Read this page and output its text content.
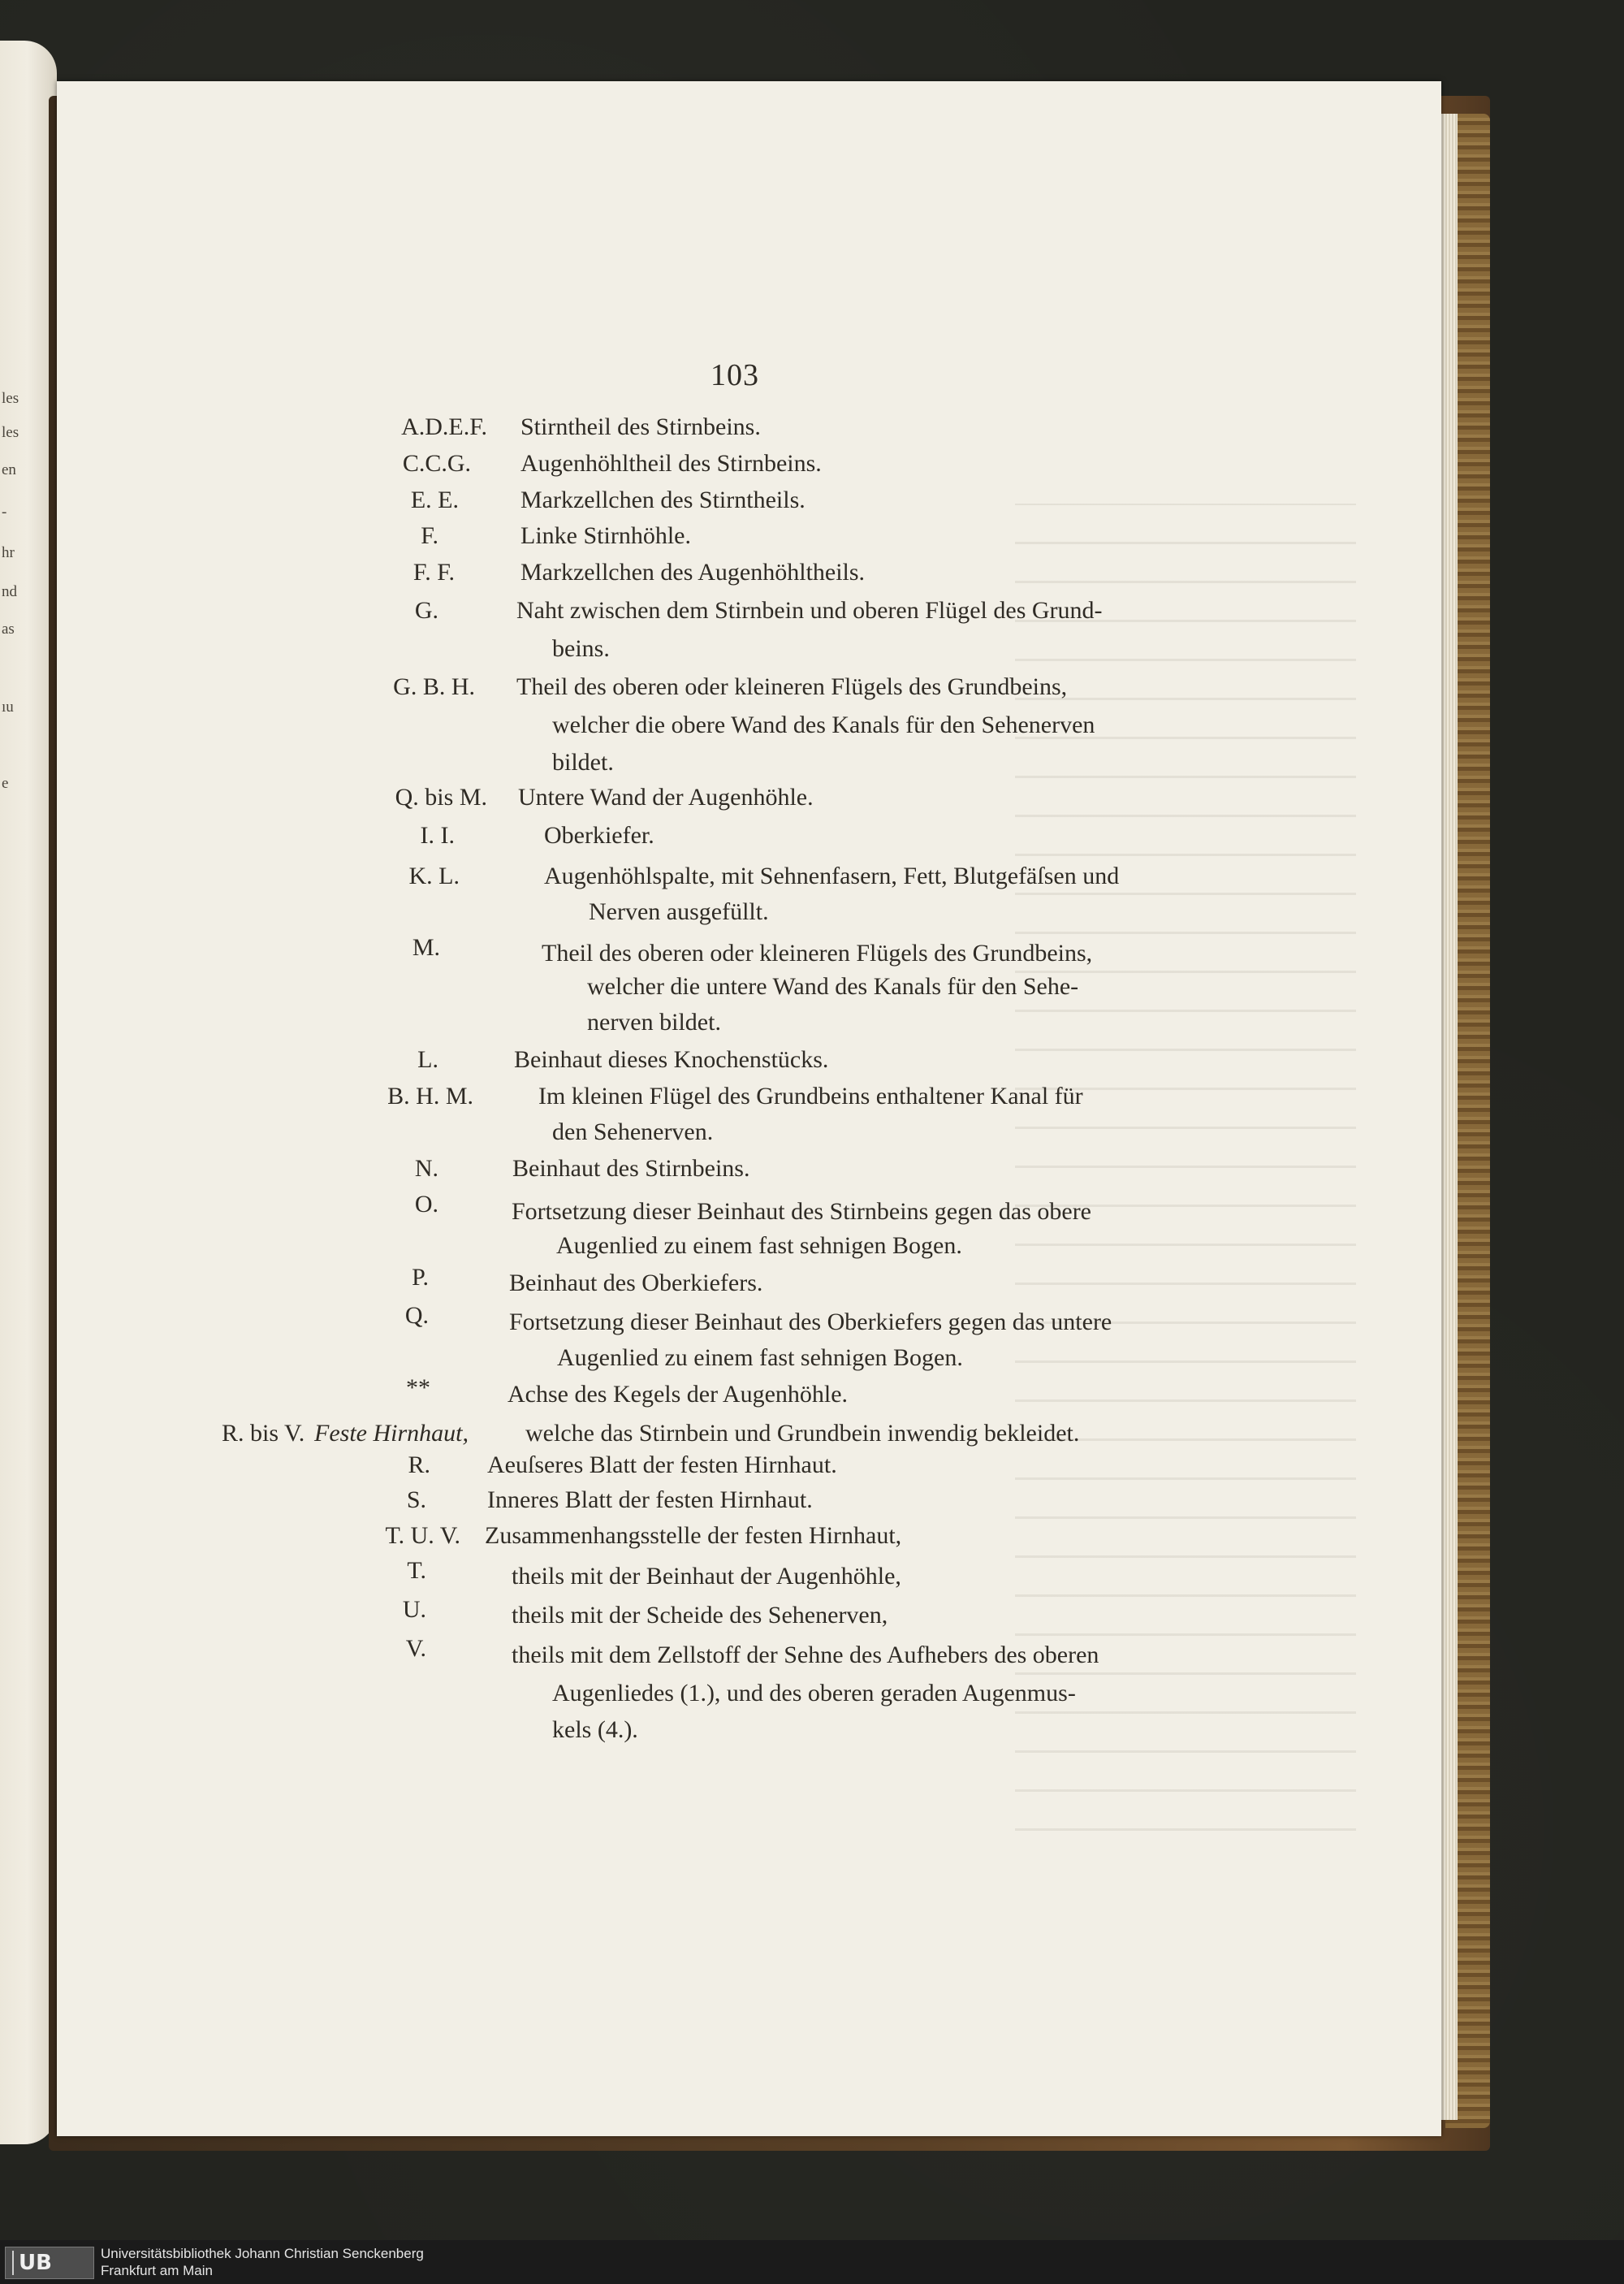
les
les
en
-
hr
nd
as
ıu
e
103
A.D.E.F. Stirntheil des Stirnbeins.
C.C.G. Augenhöhltheil des Stirnbeins.
E. E.	Markzellchen des Stirntheils.
F.	Linke Stirnhöhle.
F. F.	Markzellchen des Augenhöhltheils.
G.	Naht zwischen dem Stirnbein und oberen Flügel des Grund-
beins.
G. B. H. Theil des oberen oder kleineren Flügels des Grundbeins,
welcher die obere Wand des Kanals für den Sehenerven
bildet.
Q. bis M. Untere Wand der Augenhöhle.
I. I.	Oberkiefer.
K. L.	Augenhöhlspalte, mit Sehnenfasern, Fett, Blutgefäſsen und
Nerven ausgefüllt.
M.	Theil des oberen oder kleineren Flügels des Grundbeins,
welcher die untere Wand des Kanals für den Sehe-
nerven bildet.
L.	Beinhaut dieses Knochenstücks.
B. H. M.	Im kleinen Flügel des Grundbeins enthaltener Kanal für
den Sehenerven.
N.	Beinhaut des Stirnbeins.
O.	Fortsetzung dieser Beinhaut des Stirnbeins gegen das obere
Augenlied zu einem fast sehnigen Bogen.
P.	Beinhaut des Oberkiefers.
Q.	Fortsetzung dieser Beinhaut des Oberkiefers gegen das untere
Augenlied zu einem fast sehnigen Bogen.
**	Achse des Kegels der Augenhöhle.
R. bis V. Feste Hirnhaut, welche das Stirnbein und Grundbein inwendig bekleidet.
R. Aeuſseres Blatt der festen Hirnhaut.
S.	Inneres Blatt der festen Hirnhaut.
T. U. V. Zusammenhangsstelle der festen Hirnhaut,
T.	theils mit der Beinhaut der Augenhöhle,
U.	theils mit der Scheide des Sehenerven,
V.	theils mit dem Zellstoff der Sehne des Aufhebers des oberen
Augenliedes (1.), und des oberen geraden Augenmus-
kels (4.).
UB	Universitätsbibliothek Johann Christian Senckenberg
Frankfurt am Main
